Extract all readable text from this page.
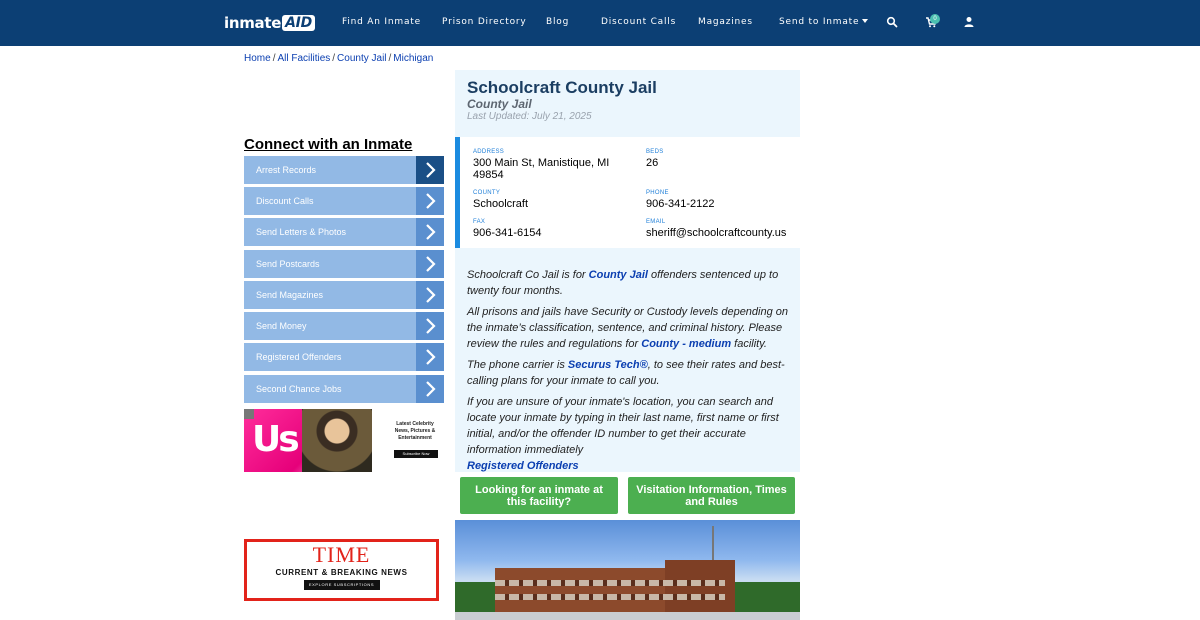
inmate AID	Find An Inmate Prison Directory Blog	Discount Calls Magazines	Send to Inmate	0
Home / All Facilities / County Jail / Michigan
Connect with an Inmate
Arrest Records
Discount Calls
Send Letters & Photos
Send Postcards
Send Magazines
Send Money
Registered Offenders
Second Chance Jobs
Us	Latest Celebrity News, Pictures & Entertainment
Subscribe Now
TIME
CURRENT & BREAKING NEWS
EXPLORE SUBSCRIPTIONS
Schoolcraft County Jail
County Jail
Last Updated: July 21, 2025
ADDRESS
300 Main St, Manistique, MI 49854
BEDS
26
COUNTY
Schoolcraft
PHONE
906-341-2122
FAX
906-341-6154
EMAIL
sheriff@schoolcraftcounty.us

Schoolcraft Co Jail is for County Jail offenders sentenced up to twenty four months.

All prisons and jails have Security or Custody levels depending on the inmate’s classification, sentence, and criminal history. Please review the rules and regulations for County - medium facility.

The phone carrier is Securus Tech®, to see their rates and best-calling plans for your inmate to call you.

If you are unsure of your inmate's location, you can search and locate your inmate by typing in their last name, first name or first initial, and/or the offender ID number to get their accurate information immediately
Registered Offenders

Looking for an inmate at this facility?
Visitation Information, Times and Rules
